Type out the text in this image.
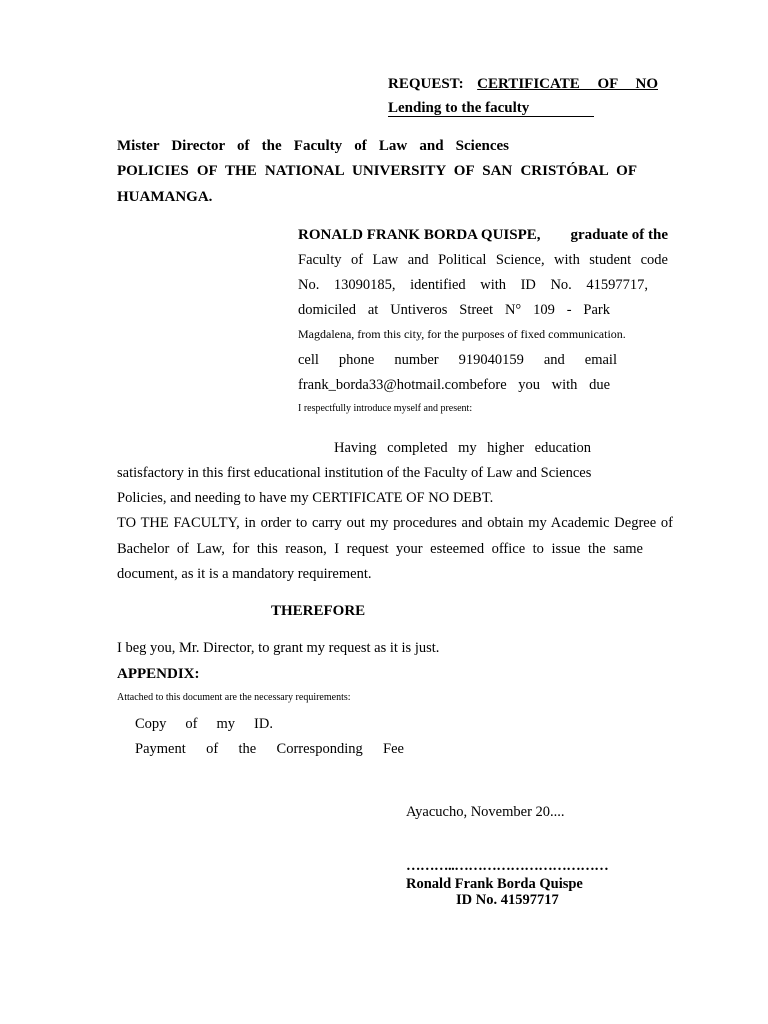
REQUEST: CERTIFICATE OF NO

Lending to the faculty

Mister Director of the Faculty of Law and Sciences

POLICIES OF THE NATIONAL UNIVERSITY OF SAN CRISTÓBAL OF

HUAMANGA.

RONALD FRANK BORDA QUISPE, graduate of the

Faculty of Law and Political Science, with student code

No. 13090185, identified with ID No. 41597717,

domiciled at Untiveros Street N° 109 - Park

Magdalena, from this city, for the purposes of fixed communication.

cell phone number 919040159 and email

frank_borda33@hotmail.combefore you with due

I respectfully introduce myself and present:

Having completed my higher education

satisfactory in this first educational institution of the Faculty of Law and Sciences

Policies, and needing to have my CERTIFICATE OF NO DEBT.

TO THE FACULTY, in order to carry out my procedures and obtain my Academic Degree of

Bachelor of Law, for this reason, I request your esteemed office to issue the same

document, as it is a mandatory requirement.

THEREFORE

I beg you, Mr. Director, to grant my request as it is just.

APPENDIX:

Attached to this document are the necessary requirements:

Copy of my ID.

Payment of the Corresponding Fee

Ayacucho, November 20....

………..……………………………

Ronald Frank Borda Quispe

ID No. 41597717
